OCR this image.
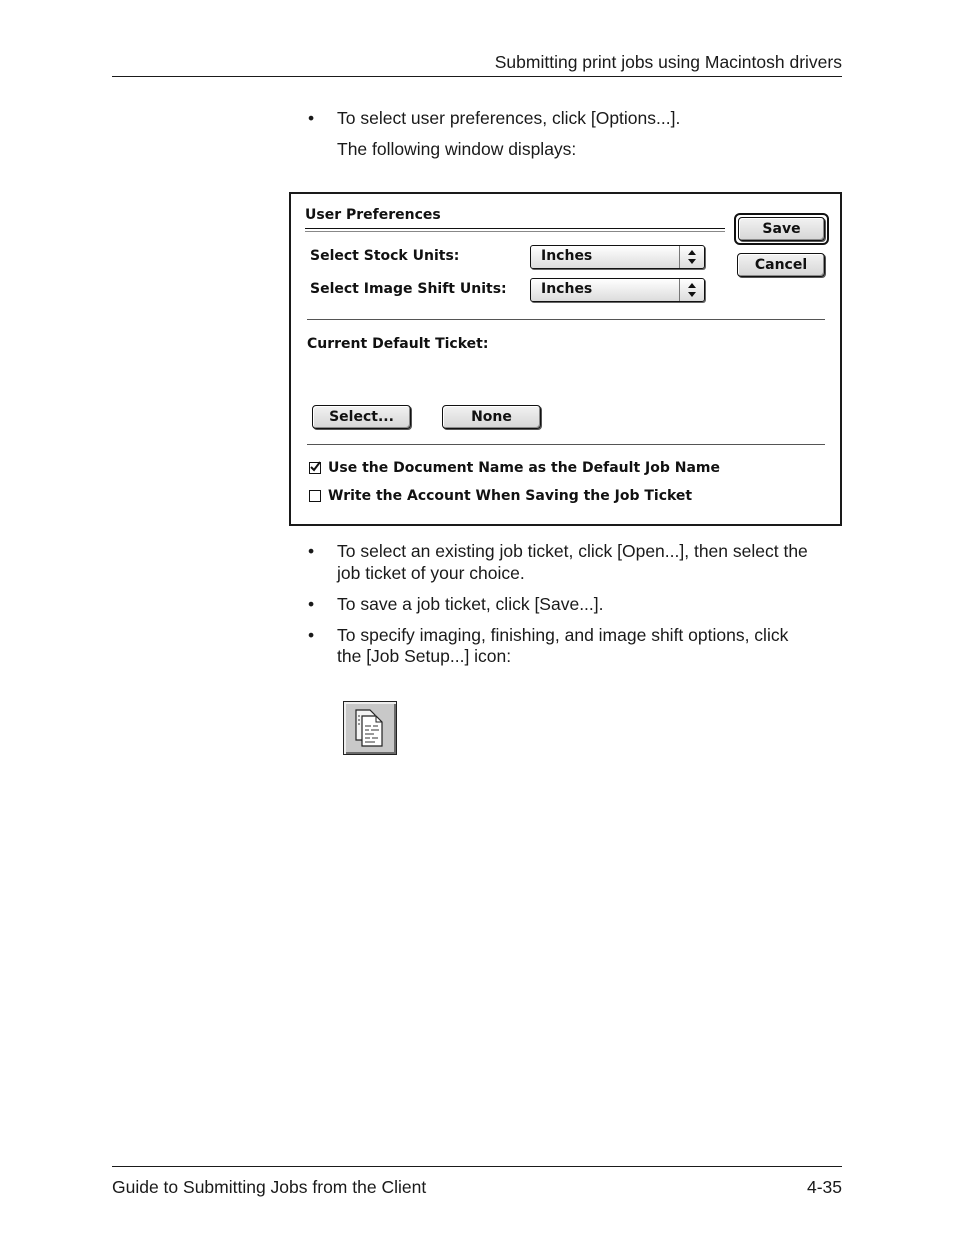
Submitting print jobs using Macintosh drivers
• To select user preferences, click [Options...].
The following window displays:
User Preferences
Save
Cancel
Select Stock Units:	Inches
Select Image Shift Units: Inches
Current Default Ticket:
Select...	None
Use the Document Name as the Default Job Name
Write the Account When Saving the Job Ticket
• To select an existing job ticket, click [Open...], then select the
job ticket of your choice.
• To save a job ticket, click [Save...].
• To specify imaging, finishing, and image shift options, click
the [Job Setup...] icon:
Guide to Submitting Jobs from the Client	4-35
